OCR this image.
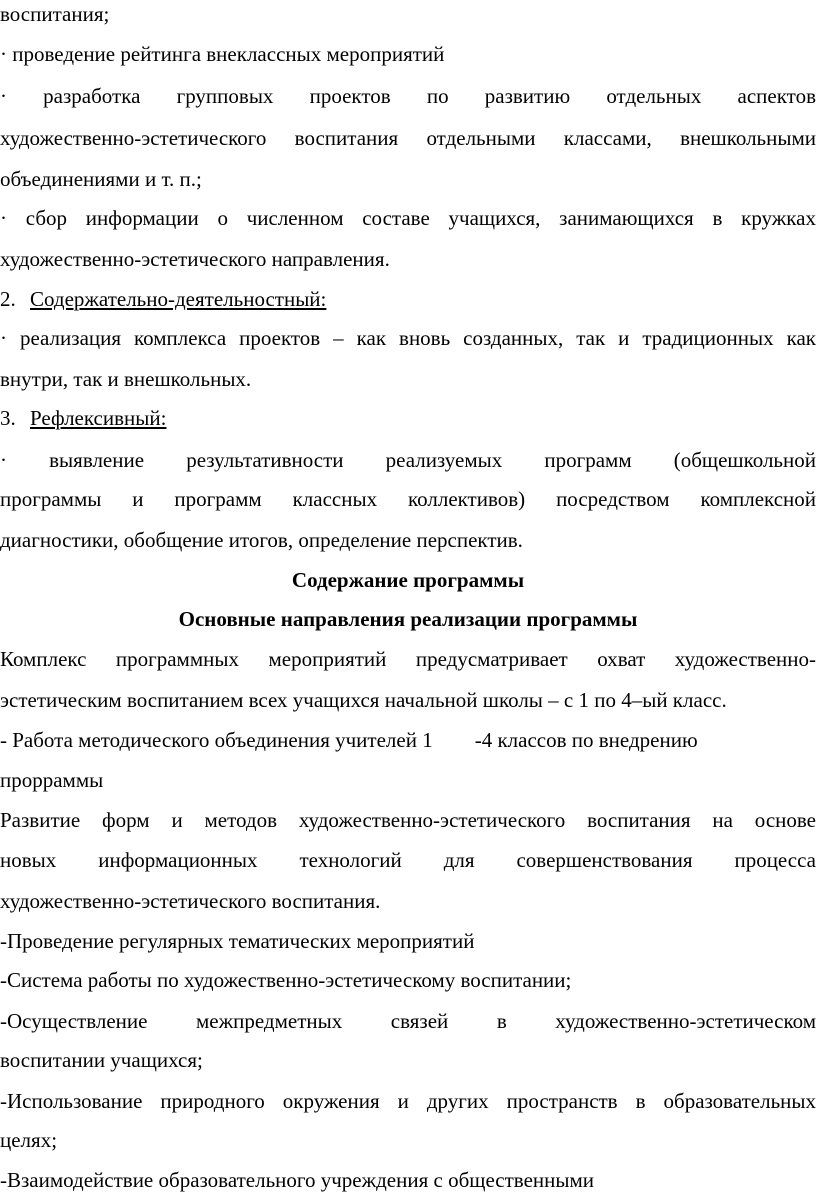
воспитания;
· проведение рейтинга внеклассных мероприятий
· разработка групповых проектов по развитию отдельных аспектов
художественно-эстетического воспитания отдельными классами, внешкольными
объединениями и т. п.;
· сбор информации о численном составе учащихся, занимающихся в кружках
художественно-эстетического направления.
2. Содержательно-деятельностный:
· реализация комплекса проектов – как вновь созданных, так и традиционных как
внутри, так и внешкольных.
3. Рефлексивный:
· выявление результативности реализуемых программ (общешкольной
программы и программ классных коллективов) посредством комплексной
диагностики, обобщение итогов, определение перспектив.
Содержание программы
Основные направления реализации программы
Комплекс программных мероприятий предусматривает охват художественно-
эстетическим воспитанием всех учащихся начальной школы – с 1 по 4–ый класс.
- Работа методического объединения учителей 1 -4 классов по внедрению
прорраммы
Развитие форм и методов художественно-эстетического воспитания на основе
новых информационных технологий для совершенствования процесса
художественно-эстетического воспитания.
-Проведение регулярных тематических мероприятий
-Система работы по художественно-эстетическому воспитании;
-Осуществление межпредметных связей в художественно-эстетическом
воспитании учащихся;
-Использование природного окружения и других пространств в образовательных
целях;
-Взаимодействие образовательного учреждения с общественными
